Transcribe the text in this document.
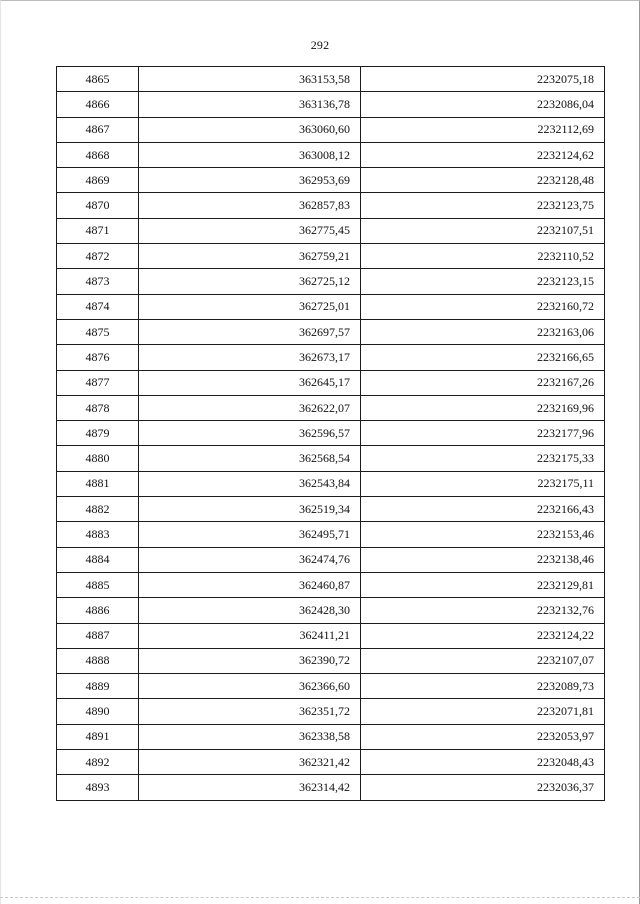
292
4865	363153,58	2232075,18
4866	363136,78	2232086,04
4867	363060,60	2232112,69
4868	363008,12	2232124,62
4869	362953,69	2232128,48
4870	362857,83	2232123,75
4871	362775,45	2232107,51
4872	362759,21	2232110,52
4873	362725,12	2232123,15
4874	362725,01	2232160,72
4875	362697,57	2232163,06
4876	362673,17	2232166,65
4877	362645,17	2232167,26
4878	362622,07	2232169,96
4879	362596,57	2232177,96
4880	362568,54	2232175,33
4881	362543,84	2232175,11
4882	362519,34	2232166,43
4883	362495,71	2232153,46
4884	362474,76	2232138,46
4885	362460,87	2232129,81
4886	362428,30	2232132,76
4887	362411,21	2232124,22
4888	362390,72	2232107,07
4889	362366,60	2232089,73
4890	362351,72	2232071,81
4891	362338,58	2232053,97
4892	362321,42	2232048,43
4893	362314,42	2232036,37
